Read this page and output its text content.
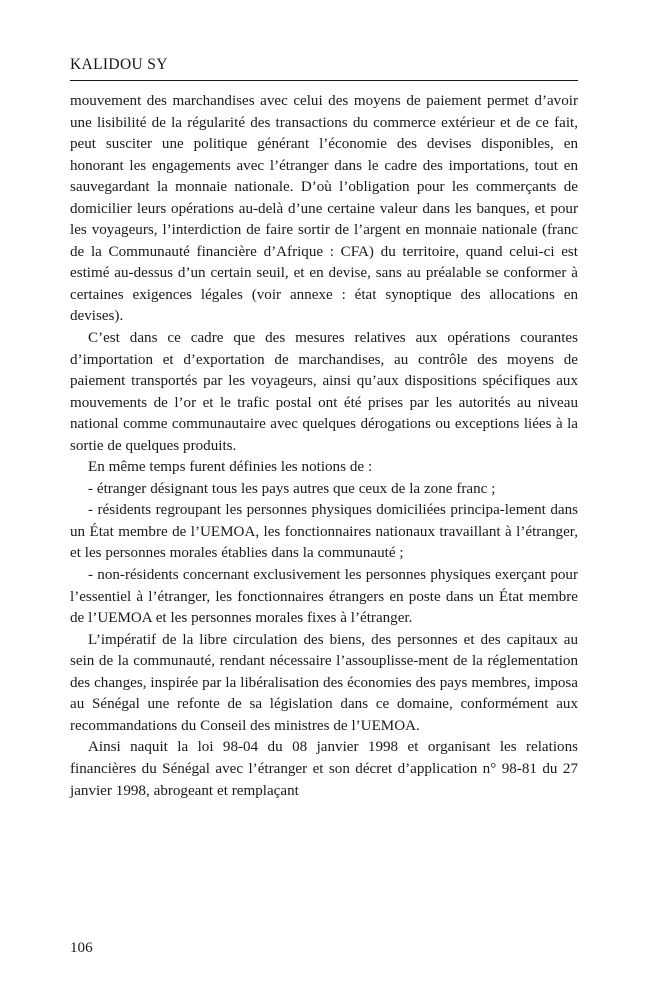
KALIDOU SY

mouvement des marchandises avec celui des moyens de paiement permet d’avoir une lisibilité de la régularité des transactions du commerce extérieur et de ce fait, peut susciter une politique générant l’économie des devises disponibles, en honorant les engagements avec l’étranger dans le cadre des importations, tout en sauvegardant la monnaie nationale. D’où l’obligation pour les commerçants de domicilier leurs opérations au-delà d’une certaine valeur dans les banques, et pour les voyageurs, l’interdiction de faire sortir de l’argent en monnaie nationale (franc de la Communauté financière d’Afrique : CFA) du territoire, quand celui-ci est estimé au-dessus d’un certain seuil, et en devise, sans au préalable se conformer à certaines exigences légales (voir annexe : état synoptique des allocations en devises).

C’est dans ce cadre que des mesures relatives aux opérations courantes d’importation et d’exportation de marchandises, au contrôle des moyens de paiement transportés par les voyageurs, ainsi qu’aux dispositions spécifiques aux mouvements de l’or et le trafic postal ont été prises par les autorités au niveau national comme communautaire avec quelques dérogations ou exceptions liées à la sortie de quelques produits.

En même temps furent définies les notions de :

- étranger désignant tous les pays autres que ceux de la zone franc ;

- résidents regroupant les personnes physiques domiciliées principa-lement dans un État membre de l’UEMOA, les fonctionnaires nationaux travaillant à l’étranger, et les personnes morales établies dans la communauté ;

- non-résidents concernant exclusivement les personnes physiques exerçant pour l’essentiel à l’étranger, les fonctionnaires étrangers en poste dans un État membre de l’UEMOA et les personnes morales fixes à l’étranger.

L’impératif de la libre circulation des biens, des personnes et des capitaux au sein de la communauté, rendant nécessaire l’assouplisse-ment de la réglementation des changes, inspirée par la libéralisation des économies des pays membres, imposa au Sénégal une refonte de sa législation dans ce domaine, conformément aux recommandations du Conseil des ministres de l’UEMOA.

Ainsi naquit la loi 98-04 du 08 janvier 1998 et organisant les relations financières du Sénégal avec l’étranger et son décret d’application n° 98-81 du 27 janvier 1998, abrogeant et remplaçant

106
